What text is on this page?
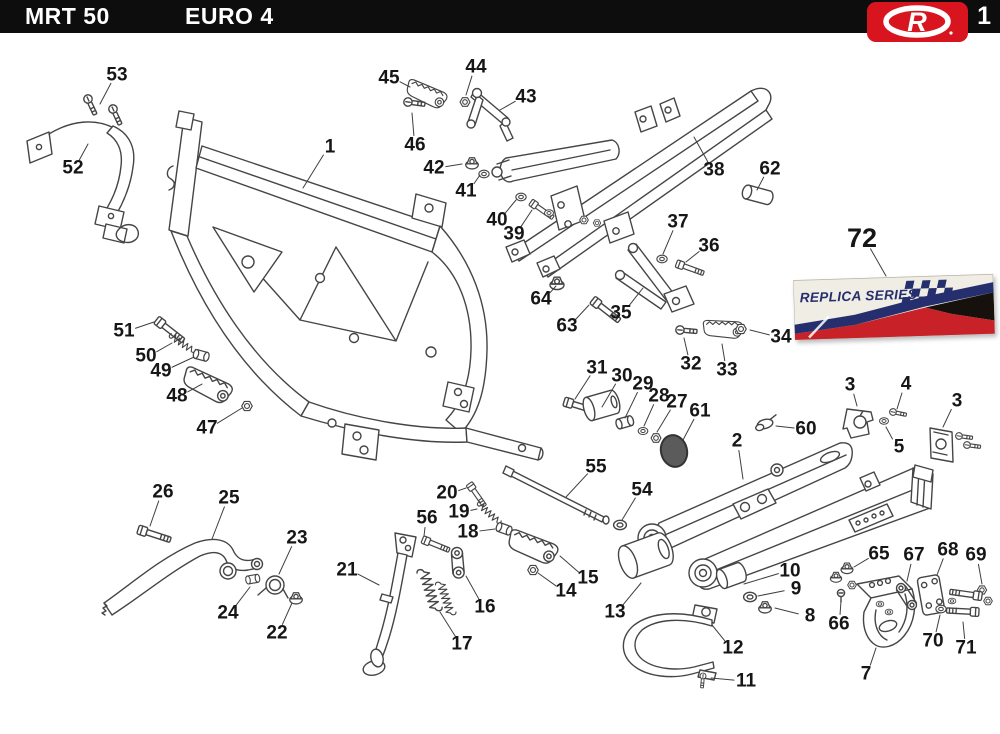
MRT 50	EURO 4	R 1
REPLICA SERIES
53
52
1
45
44
43
46
42
41
40
39
38 62
37
36
64
63
35
32 33
34
72
51
50
49
48
47
31 30 29
28
27 61
60
2
3 4
5
3
55
54
26 25
23
24
22
21
20
19
56
18
15
14
16
17
13
10
9
8
12
11
65
66
7
67 68 69
70 71
